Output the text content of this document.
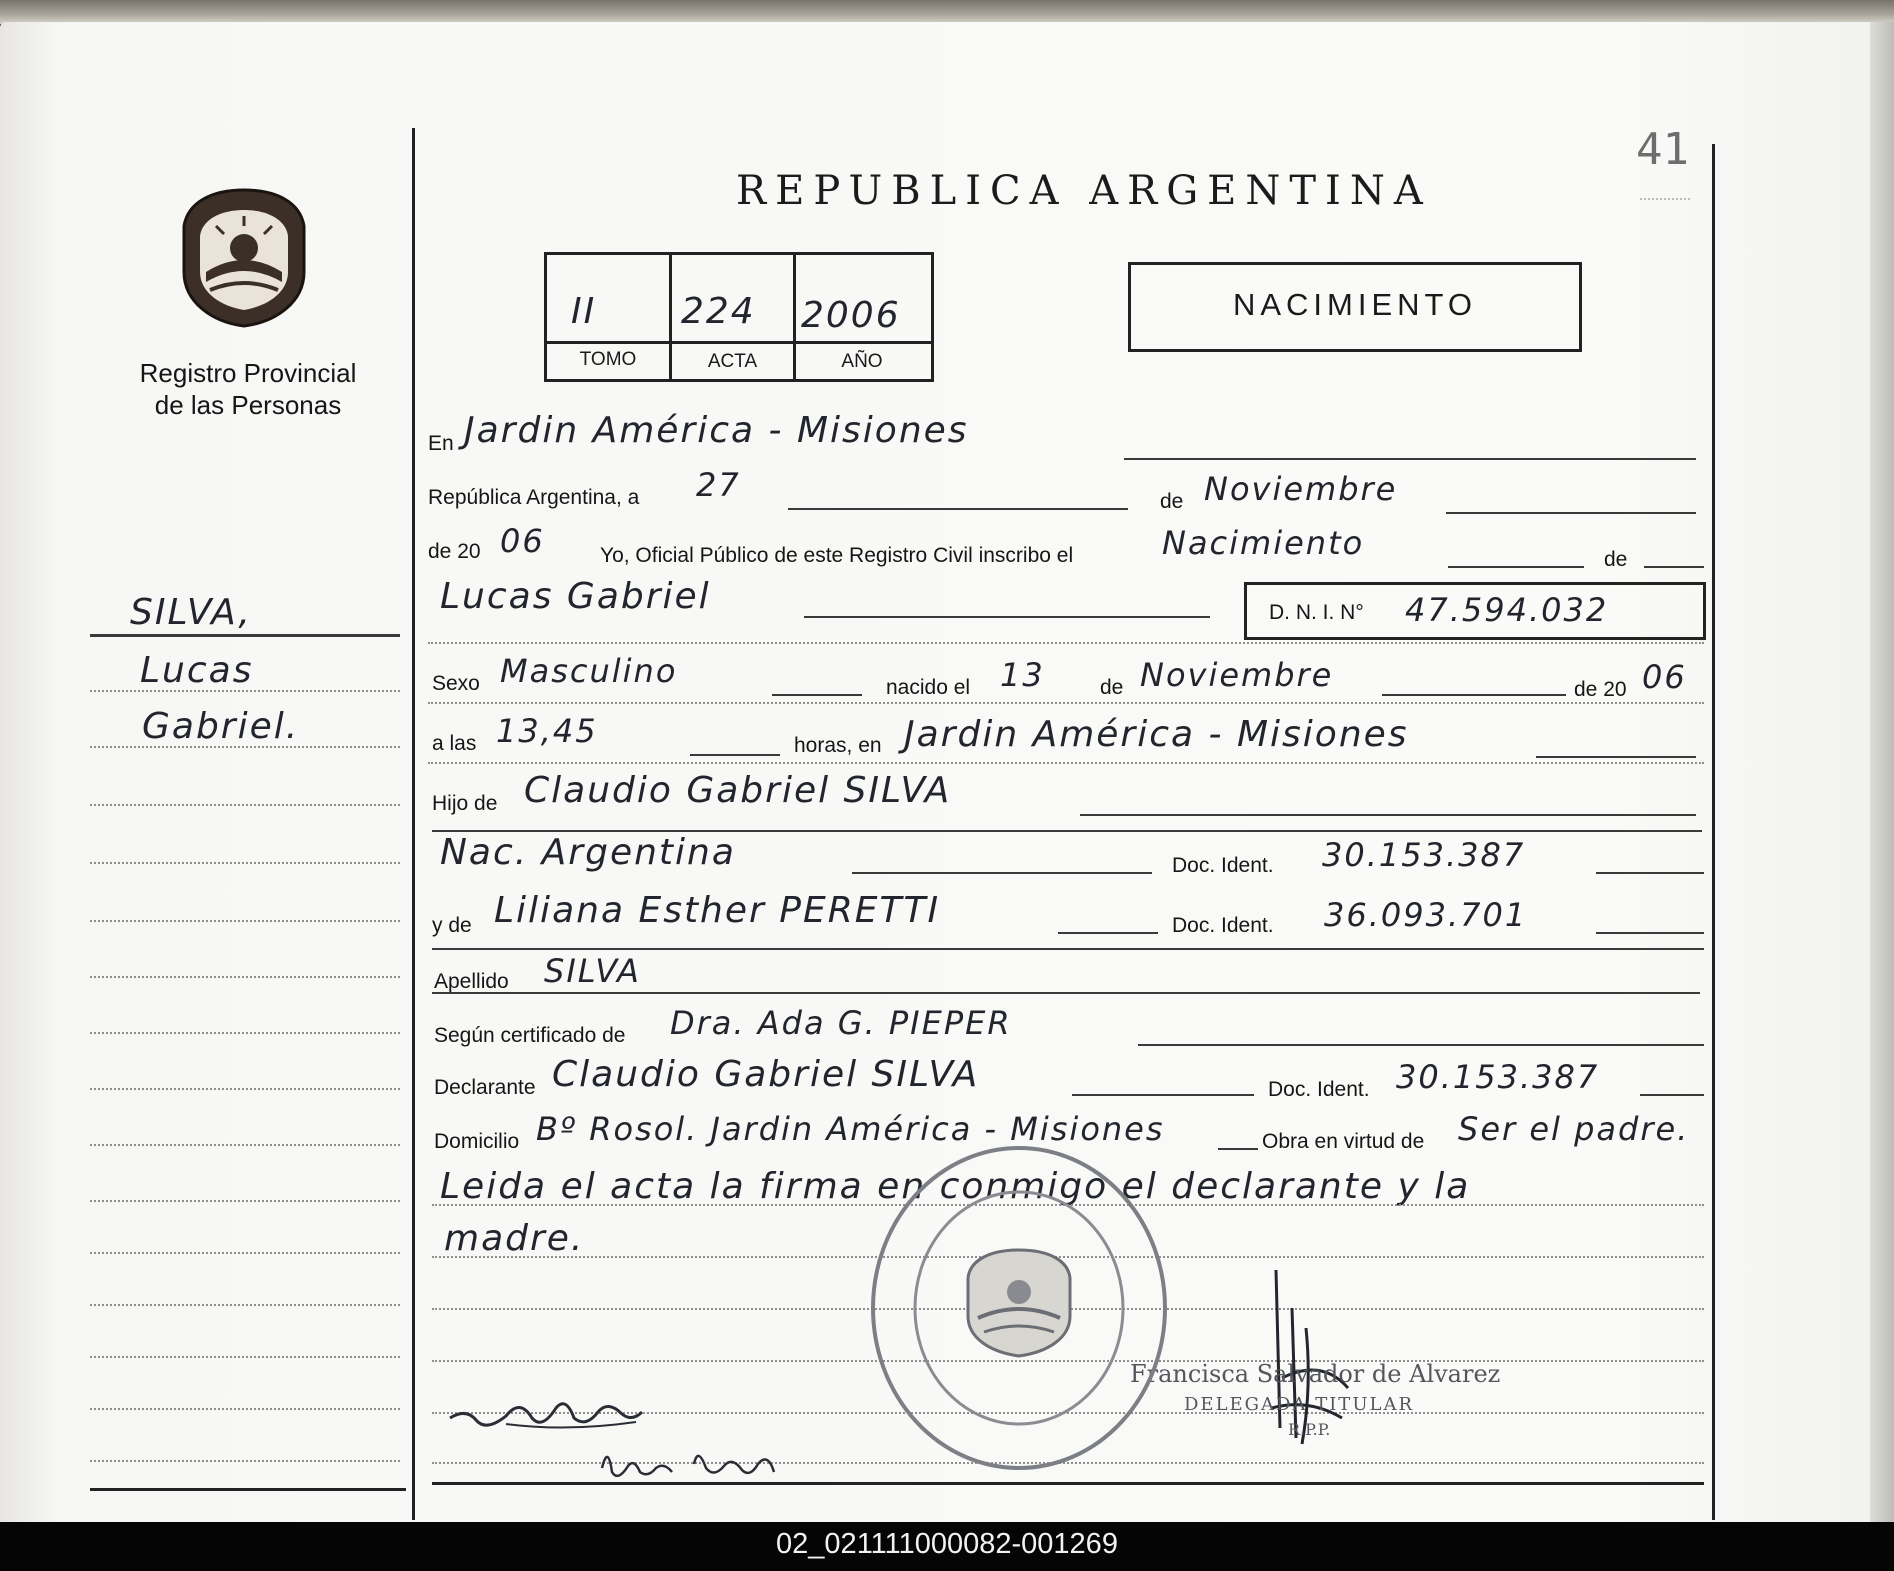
41
Registro Provincial
de las Personas
REPUBLICA ARGENTINA
II 224 2006
TOMO	ACTA	AÑO
NACIMIENTO
SILVA,
Lucas
Gabriel.
En Jardin América - Misiones
República Argentina, a 27	de Noviembre
de 20 06	Yo, Oficial Público de este Registro Civil inscribo el	Nacimiento	de
Lucas Gabriel	D. N. I. N° 47.594.032
Sexo Masculino	nacido el 13	de Noviembre	de 20 06
a las 13,45	horas, en Jardin América - Misiones
Hijo de Claudio Gabriel SILVA
Nac. Argentina	Doc. Ident. 30.153.387
y de Liliana Esther PERETTI	Doc. Ident. 36.093.701
Apellido SILVA
Según certificado de Dra. Ada G. PIEPER
Declarante Claudio Gabriel SILVA	Doc. Ident. 30.153.387
Domicilio Bº Rosol. Jardin América - Misiones	Obra en virtud de Ser el padre.
Leida el acta la firma en conmigo el declarante y la
madre.
Francisca Salvador de Alvarez
DELEGADA TITULAR
R.P.P.
02_021111000082-001269
